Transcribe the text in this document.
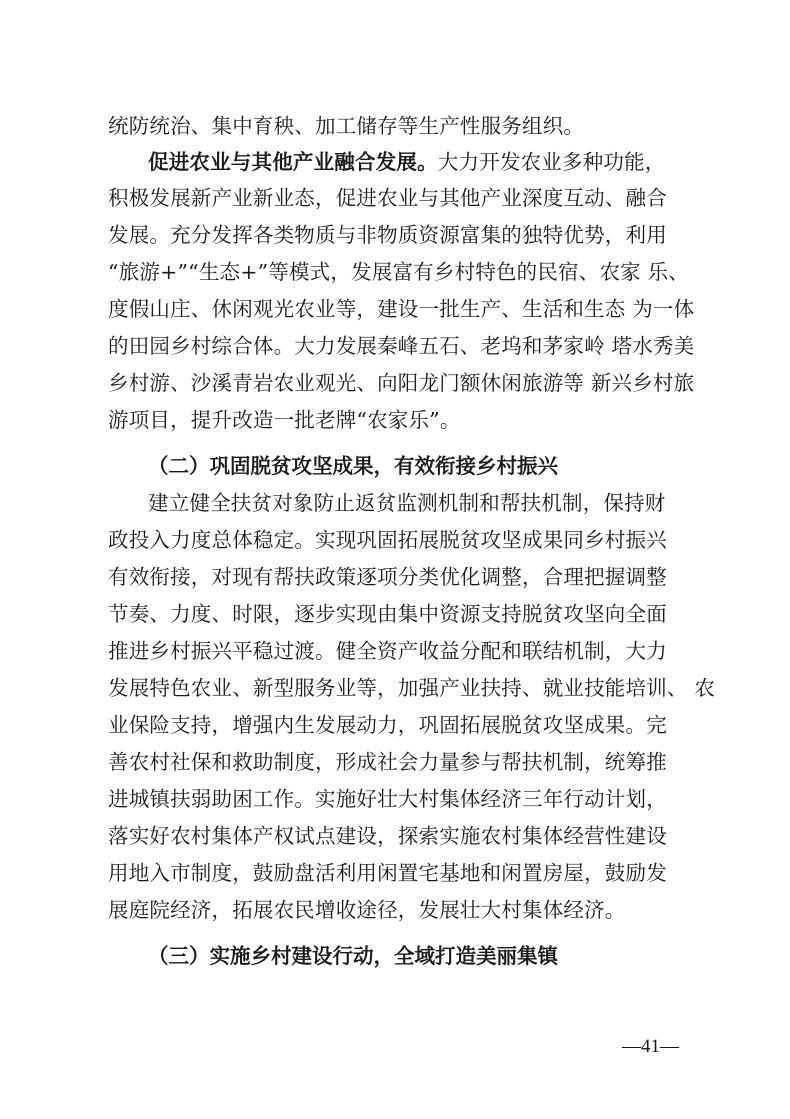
统防统治、集中育秧、加工储存等生产性服务组织。
促进农业与其他产业融合发展。大力开发农业多种功能，
积极发展新产业新业态，促进农业与其他产业深度互动、融合
发展。充分发挥各类物质与非物质资源富集的独特优势，利用
“旅游+”“生态+”等模式，发展富有乡村特色的民宿、农家 乐、
度假山庄、休闲观光农业等，建设一批生产、生活和生态 为一体
的田园乡村综合体。大力发展秦峰五石、老坞和茅家岭 塔水秀美
乡村游、沙溪青岩农业观光、向阳龙门额休闲旅游等 新兴乡村旅
游项目，提升改造一批老牌“农家乐”。
（二）巩固脱贫攻坚成果，有效衔接乡村振兴
建立健全扶贫对象防止返贫监测机制和帮扶机制，保持财
政投入力度总体稳定。实现巩固拓展脱贫攻坚成果同乡村振兴
有效衔接，对现有帮扶政策逐项分类优化调整，合理把握调整
节奏、力度、时限，逐步实现由集中资源支持脱贫攻坚向全面
推进乡村振兴平稳过渡。健全资产收益分配和联结机制，大力
发展特色农业、新型服务业等，加强产业扶持、就业技能培训、 农
业保险支持，增强内生发展动力，巩固拓展脱贫攻坚成果。完
善农村社保和救助制度，形成社会力量参与帮扶机制，统筹推
进城镇扶弱助困工作。实施好壮大村集体经济三年行动计划，
落实好农村集体产权试点建设，探索实施农村集体经营性建设
用地入市制度，鼓励盘活利用闲置宅基地和闲置房屋，鼓励发
展庭院经济，拓展农民增收途径，发展壮大村集体经济。
（三）实施乡村建设行动，全域打造美丽集镇
—41—
